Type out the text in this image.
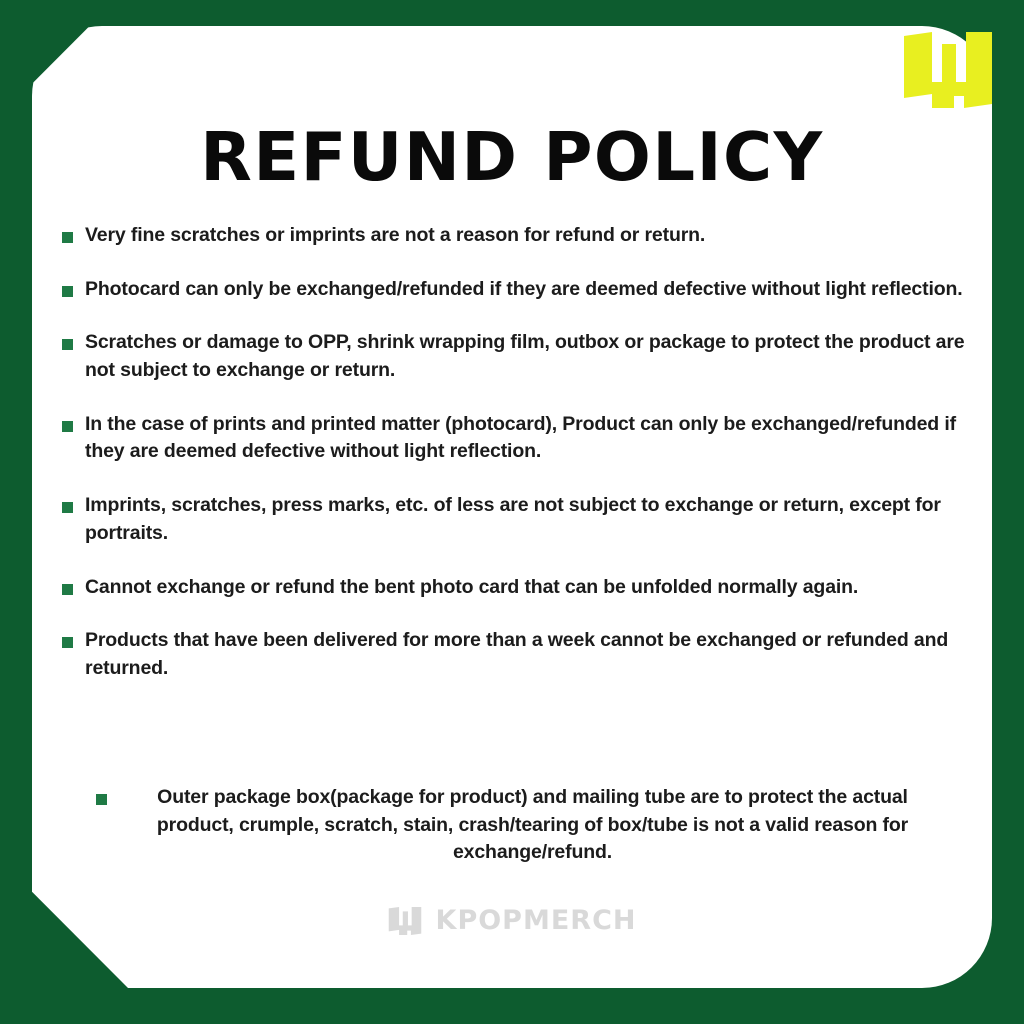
REFUND POLICY
Very fine scratches or imprints are not a reason for refund or return.
Photocard can only be exchanged/refunded if they are deemed defective without light reflection.
Scratches or damage to OPP, shrink wrapping film, outbox or package to protect the product are not subject to exchange or return.
In the case of prints and printed matter (photocard), Product can only be exchanged/refunded if they are deemed defective without light reflection.
Imprints, scratches, press marks, etc. of less are not subject to exchange or return, except for portraits.
Cannot exchange or refund the bent photo card that can be unfolded normally again.
Products that have been delivered for more than a week cannot be exchanged or refunded and returned.
Outer package box(package for product) and mailing tube are to protect the actual product, crumple, scratch, stain, crash/tearing of box/tube is not a valid reason for exchange/refund.
KPOPMERCH
